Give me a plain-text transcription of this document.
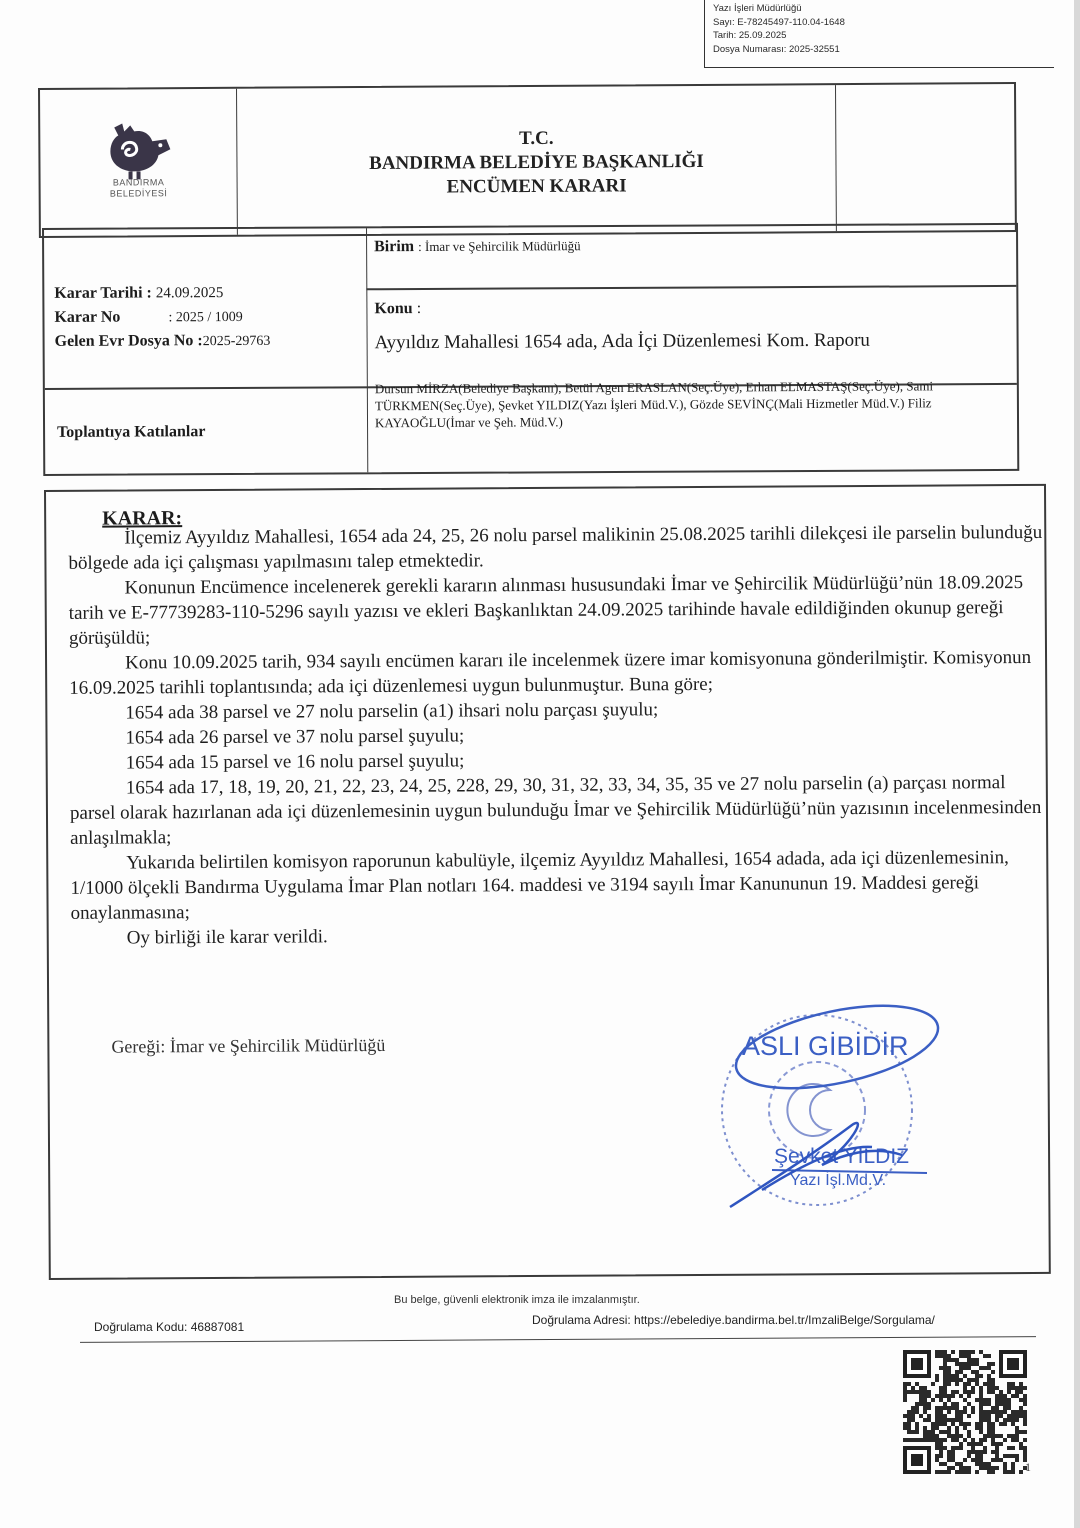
Yazı İşleri Müdürlüğü
Sayı: E-78245497-110.04-1648
Tarih: 25.09.2025
Dosya Numarası: 2025-32551
BANDIRMA
BELEDİYESİ
T.C.
BANDIRMA BELEDİYE BAŞKANLIĞI
ENCÜMEN KARARI
Karar Tarihi : 24.09.2025
Karar No	: 2025 / 1009
Gelen Evr Dosya No :2025-29763
Birim : İmar ve Şehircilik Müdürlüğü
Konu :
Ayyıldız Mahallesi 1654 ada, Ada İçi Düzenlemesi Kom. Raporu
Toplantıya Katılanlar
Dursun MİRZA(Belediye Başkanı), Betül Agen ERASLAN(Seç.Üye), Erhan ELMASTAŞ(Seç.Üye), Sami TÜRKMEN(Seç.Üye), Şevket YILDIZ(Yazı İşleri Müd.V.), Gözde SEVİNÇ(Mali Hizmetler Müd.V.) Filiz KAYAOĞLU(İmar ve Şeh. Müd.V.)
KARAR:

İlçemiz Ayyıldız Mahallesi, 1654 ada 24, 25, 26 nolu parsel malikinin 25.08.2025 tarihli dilekçesi ile parselin bulunduğu bölgede ada içi çalışması yapılmasını talep etmektedir.

Konunun Encümence incelenerek gerekli kararın alınması hususundaki İmar ve Şehircilik Müdürlüğü’nün 18.09.2025 tarih ve E-77739283-110-5296 sayılı yazısı ve ekleri Başkanlıktan 24.09.2025 tarihinde havale edildiğinden okunup gereği görüşüldü;

Konu 10.09.2025 tarih, 934 sayılı encümen kararı ile incelenmek üzere imar komisyonuna gönderilmiştir. Komisyonun 16.09.2025 tarihli toplantısında; ada içi düzenlemesi uygun bulunmuştur. Buna göre;

1654 ada 38 parsel ve 27 nolu parselin (a1) ihsari nolu parçası şuyulu;

1654 ada 26 parsel ve 37 nolu parsel şuyulu;

1654 ada 15 parsel ve 16 nolu parsel şuyulu;

1654 ada 17, 18, 19, 20, 21, 22, 23, 24, 25, 228, 29, 30, 31, 32, 33, 34, 35, 35 ve 27 nolu parselin (a) parçası normal parsel olarak hazırlanan ada içi düzenlemesinin uygun bulunduğu İmar ve Şehircilik Müdürlüğü’nün yazısının incelenmesinden anlaşılmakla;

Yukarıda belirtilen komisyon raporunun kabulüyle, ilçemiz Ayyıldız Mahallesi, 1654 adada, ada içi düzenlemesinin, 1/1000 ölçekli Bandırma Uygulama İmar Plan notları 164. maddesi ve 3194 sayılı İmar Kanununun 19. Maddesi gereği onaylanmasına;

Oy birliği ile karar verildi.

Gereği: İmar ve Şehircilik Müdürlüğü	ASLI GİBİDİR
Şevket YILDIZ
Yazı İşl.Md.V.
Bu belge, güvenli elektronik imza ile imzalanmıştır.
Doğrulama Kodu: 46887081	Doğrulama Adresi: https://ebelediye.bandirma.bel.tr/ImzaliBelge/Sorgulama/
1
